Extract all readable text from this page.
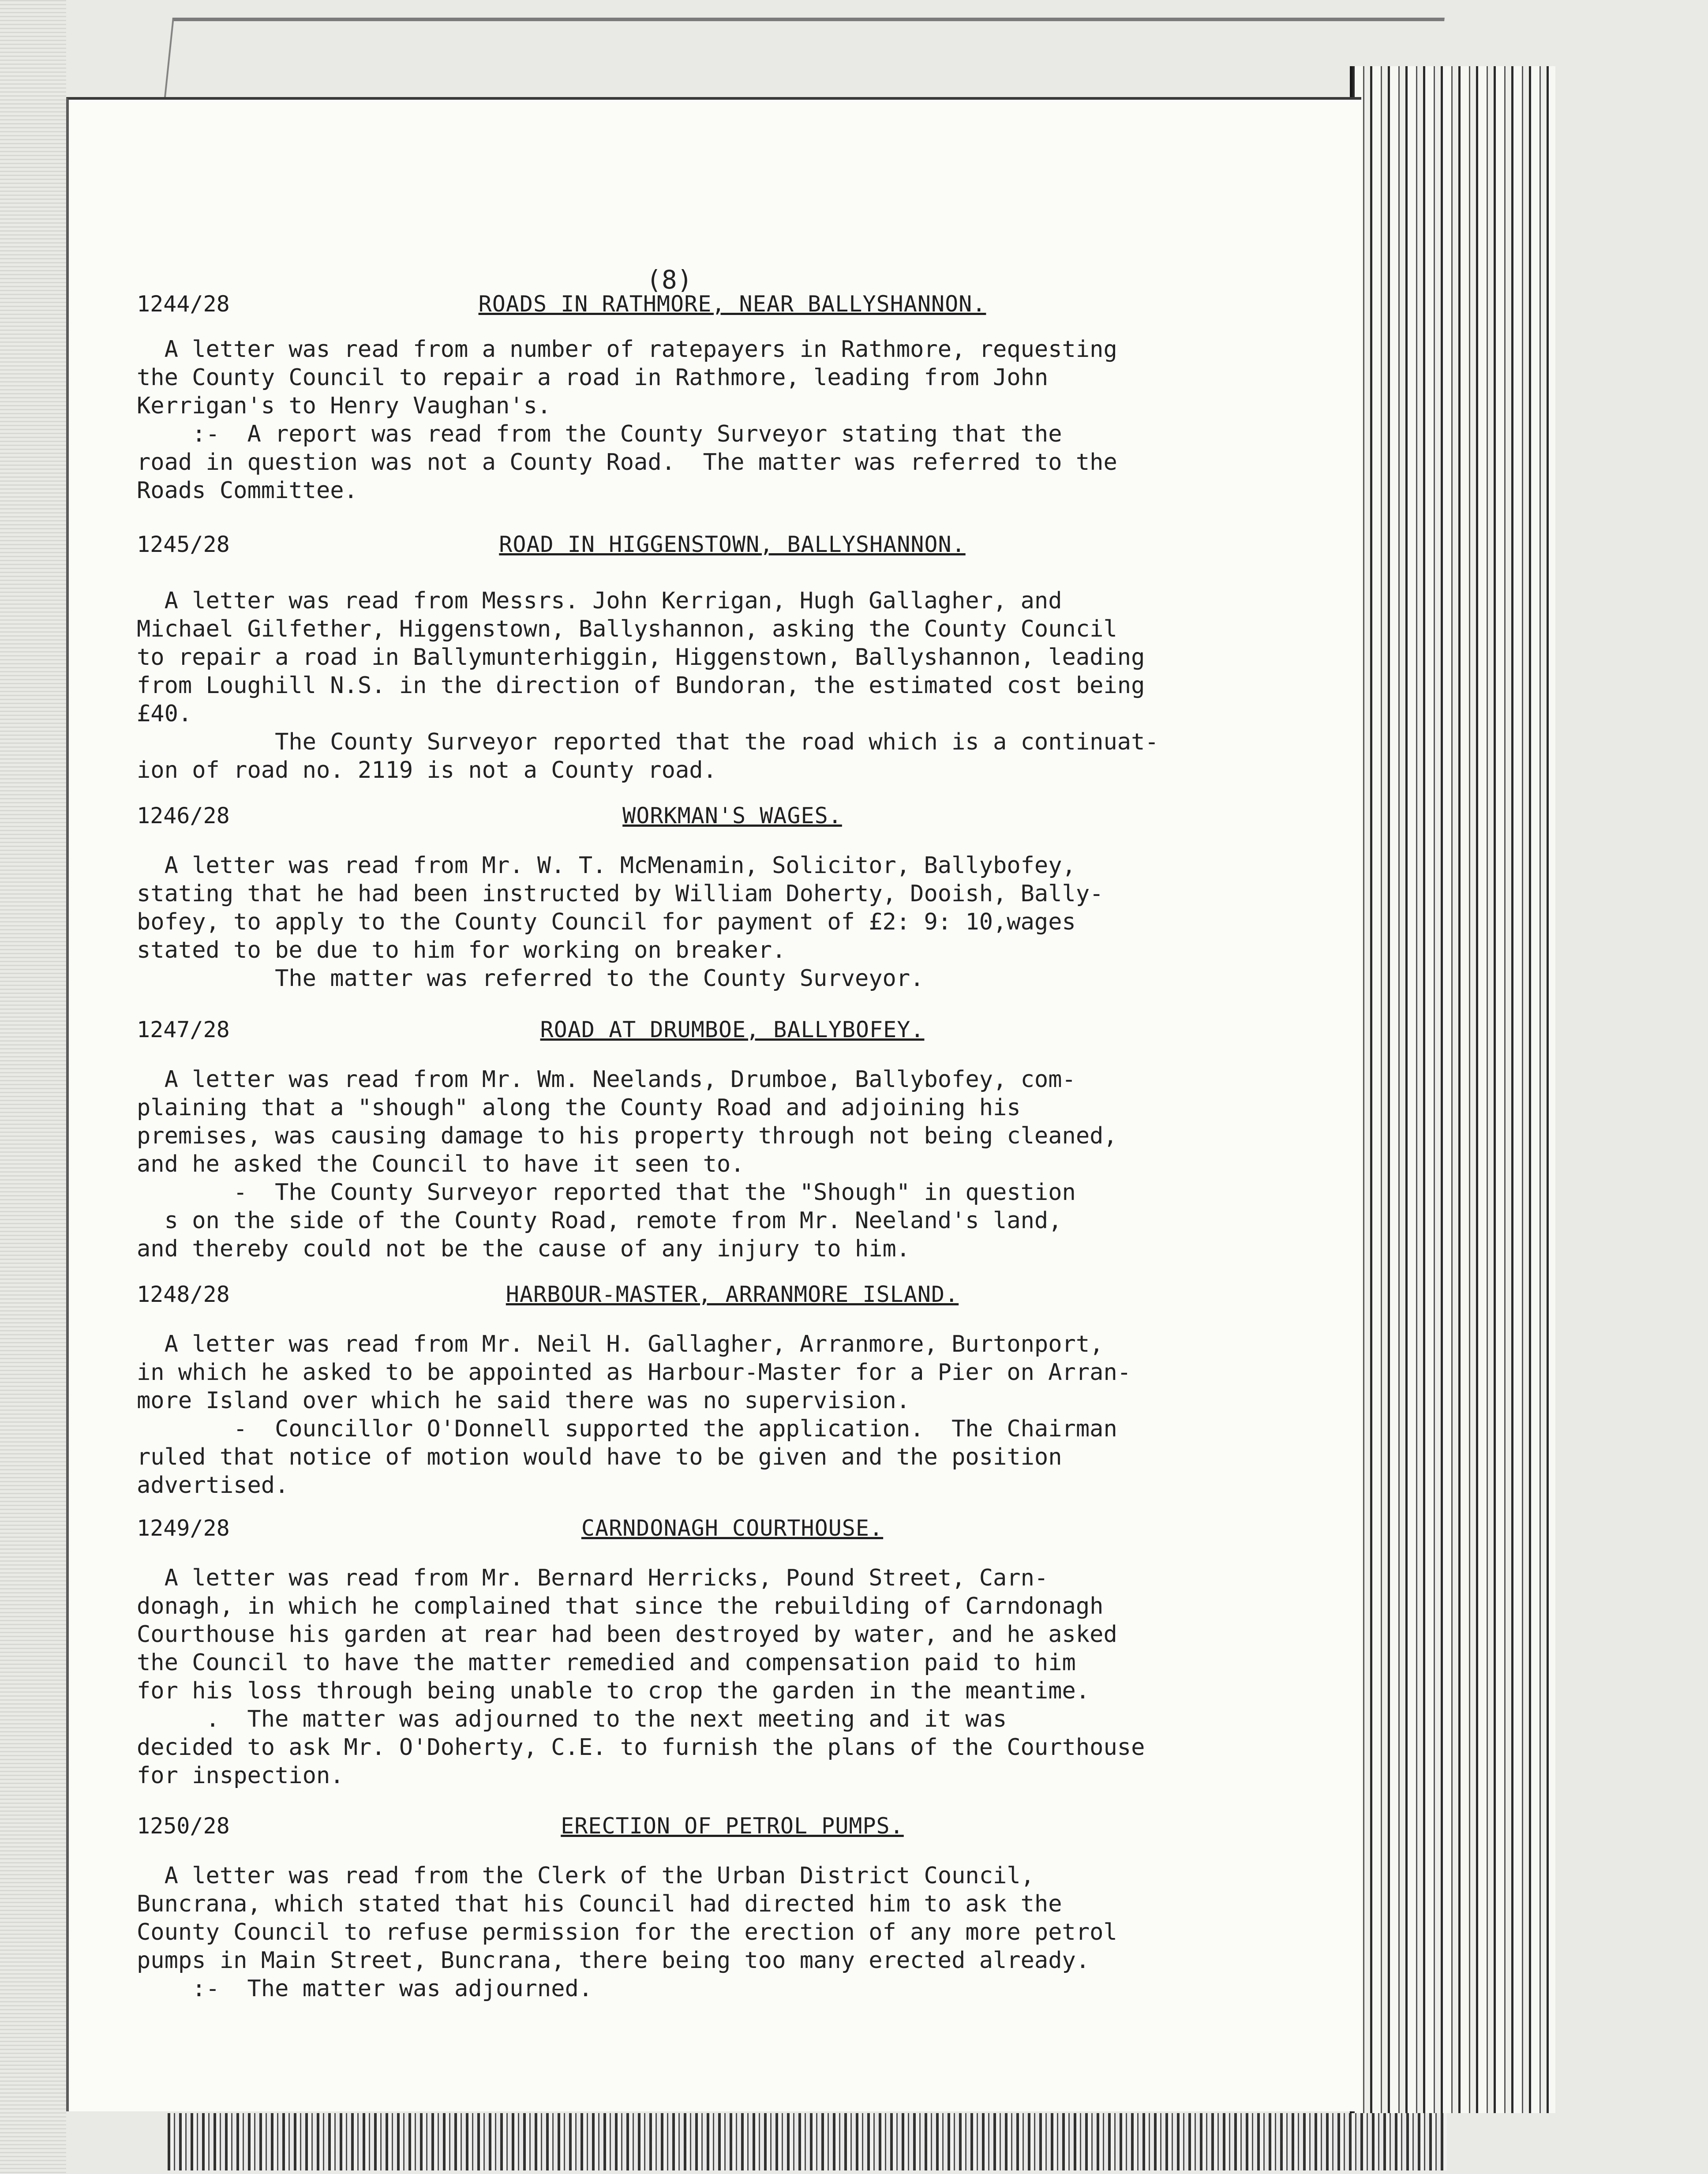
(8)
1244/28	ROADS IN RATHMORE, NEAR BALLYSHANNON.
A letter was read from a number of ratepayers in Rathmore, requesting
the County Council to repair a road in Rathmore, leading from John
Kerrigan's to Henry Vaughan's.
:-  A report was read from the County Surveyor stating that the
road in question was not a County Road.  The matter was referred to the
Roads Committee.
1245/28	ROAD IN HIGGENSTOWN, BALLYSHANNON.
A letter was read from Messrs. John Kerrigan, Hugh Gallagher, and
Michael Gilfether, Higgenstown, Ballyshannon, asking the County Council
to repair a road in Ballymunterhiggin, Higgenstown, Ballyshannon, leading
from Loughill N.S. in the direction of Bundoran, the estimated cost being
£40.
The County Surveyor reported that the road which is a continuat-
ion of road no. 2119 is not a County road.
1246/28	WORKMAN'S WAGES.
A letter was read from Mr. W. T. McMenamin, Solicitor, Ballybofey,
stating that he had been instructed by William Doherty, Dooish, Bally-
bofey, to apply to the County Council for payment of £2: 9: 10,wages
stated to be due to him for working on breaker.
The matter was referred to the County Surveyor.
1247/28	ROAD AT DRUMBOE, BALLYBOFEY.
A letter was read from Mr. Wm. Neelands, Drumboe, Ballybofey, com-
plaining that a "shough" along the County Road and adjoining his
premises, was causing damage to his property through not being cleaned,
and he asked the Council to have it seen to.
-  The County Surveyor reported that the "Shough" in question
s on the side of the County Road, remote from Mr. Neeland's land,
and thereby could not be the cause of any injury to him.
1248/28	HARBOUR-MASTER, ARRANMORE ISLAND.
A letter was read from Mr. Neil H. Gallagher, Arranmore, Burtonport,
in which he asked to be appointed as Harbour-Master for a Pier on Arran-
more Island over which he said there was no supervision.
-  Councillor O'Donnell supported the application.  The Chairman
ruled that notice of motion would have to be given and the position
advertised.
1249/28	CARNDONAGH COURTHOUSE.
A letter was read from Mr. Bernard Herricks, Pound Street, Carn-
donagh, in which he complained that since the rebuilding of Carndonagh
Courthouse his garden at rear had been destroyed by water, and he asked
the Council to have the matter remedied and compensation paid to him
for his loss through being unable to crop the garden in the meantime.
.  The matter was adjourned to the next meeting and it was
decided to ask Mr. O'Doherty, C.E. to furnish the plans of the Courthouse
for inspection.
1250/28	ERECTION OF PETROL PUMPS.
A letter was read from the Clerk of the Urban District Council,
Buncrana, which stated that his Council had directed him to ask the
County Council to refuse permission for the erection of any more petrol
pumps in Main Street, Buncrana, there being too many erected already.
:-  The matter was adjourned.
